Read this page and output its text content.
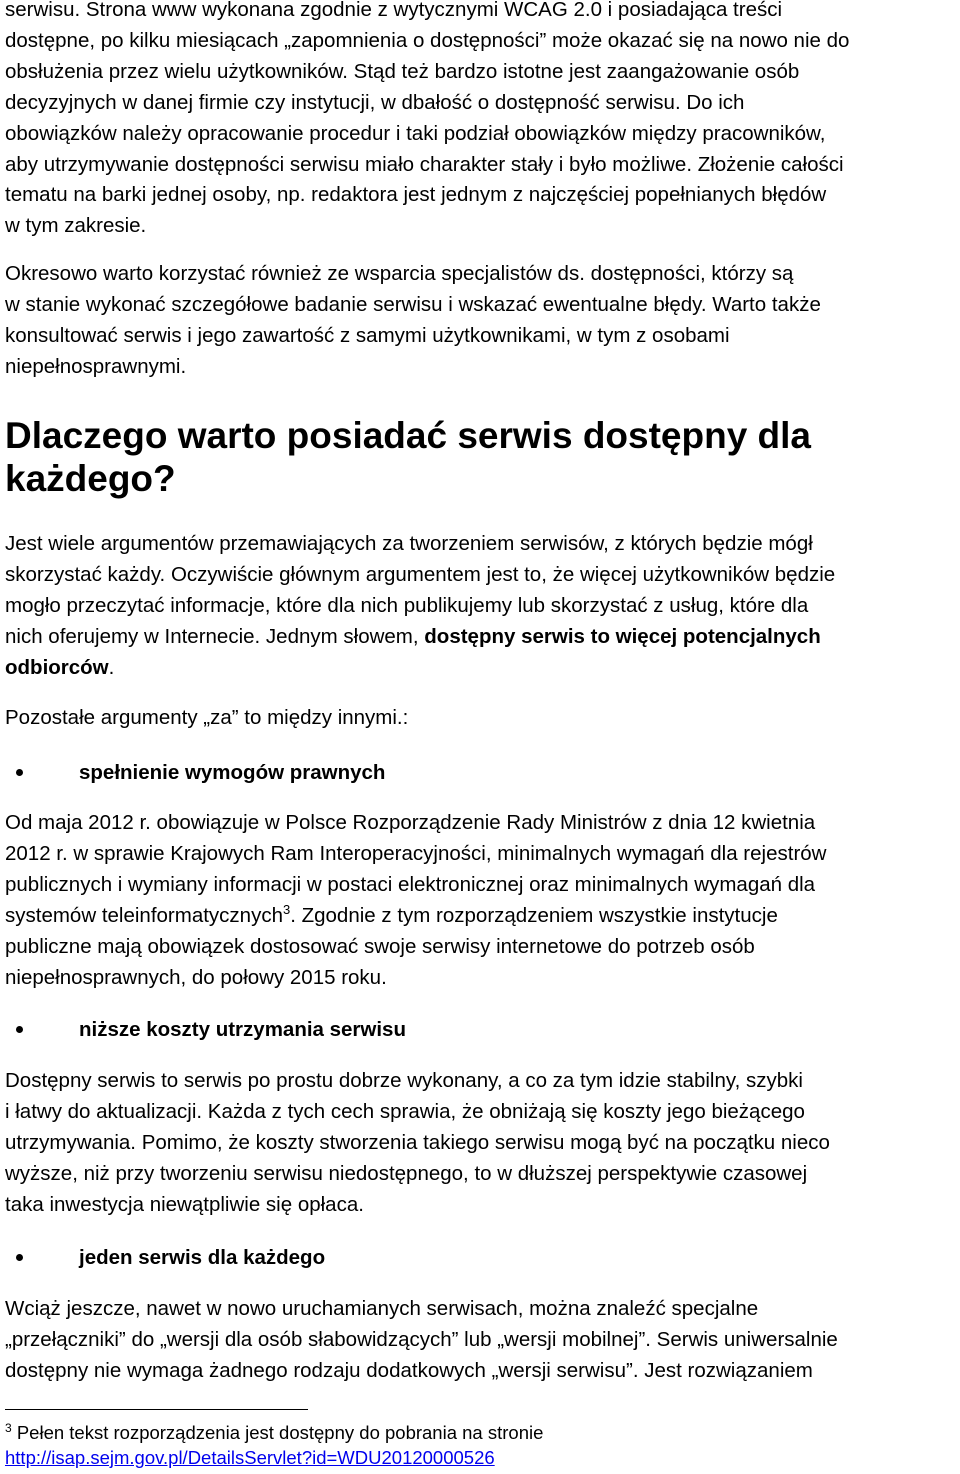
serwisu. Strona www wykonana zgodnie z wytycznymi WCAG 2.0 i posiadająca treści
dostępne, po kilku miesiącach „zapomnienia o dostępności” może okazać się na nowo nie do
obsłużenia przez wielu użytkowników. Stąd też bardzo istotne jest zaangażowanie osób
decyzyjnych w danej firmie czy instytucji, w dbałość o dostępność serwisu. Do ich
obowiązków należy opracowanie procedur i taki podział obowiązków między pracowników,
aby utrzymywanie dostępności serwisu miało charakter stały i było możliwe. Złożenie całości
tematu na barki jednej osoby, np. redaktora jest jednym z najczęściej popełnianych błędów
w tym zakresie.
Okresowo warto korzystać również ze wsparcia specjalistów ds. dostępności, którzy są
w stanie wykonać szczegółowe badanie serwisu i wskazać ewentualne błędy. Warto także
konsultować serwis i jego zawartość z samymi użytkownikami, w tym z osobami
niepełnosprawnymi.
Dlaczego warto posiadać serwis dostępny dla
każdego?
Jest wiele argumentów przemawiających za tworzeniem serwisów, z których będzie mógł
skorzystać każdy. Oczywiście głównym argumentem jest to, że więcej użytkowników będzie
mogło przeczytać informacje, które dla nich publikujemy lub skorzystać z usług, które dla
nich oferujemy w Internecie. Jednym słowem, dostępny serwis to więcej potencjalnych
odbiorców.
Pozostałe argumenty „za” to między innymi.:
spełnienie wymogów prawnych
Od maja 2012 r. obowiązuje w Polsce Rozporządzenie Rady Ministrów z dnia 12 kwietnia
2012 r. w sprawie Krajowych Ram Interoperacyjności, minimalnych wymagań dla rejestrów
publicznych i wymiany informacji w postaci elektronicznej oraz minimalnych wymagań dla
systemów teleinformatycznych$^3$. Zgodnie z tym rozporządzeniem wszystkie instytucje
publiczne mają obowiązek dostosować swoje serwisy internetowe do potrzeb osób
niepełnosprawnych, do połowy 2015 roku.
niższe koszty utrzymania serwisu
Dostępny serwis to serwis po prostu dobrze wykonany, a co za tym idzie stabilny, szybki
i łatwy do aktualizacji. Każda z tych cech sprawia, że obniżają się koszty jego bieżącego
utrzymywania. Pomimo, że koszty stworzenia takiego serwisu mogą być na początku nieco
wyższe, niż przy tworzeniu serwisu niedostępnego, to w dłuższej perspektywie czasowej
taka inwestycja niewątpliwie się opłaca.
jeden serwis dla każdego
Wciąż jeszcze, nawet w nowo uruchamianych serwisach, można znaleźć specjalne
„przełączniki” do „wersji dla osób słabowidzących” lub „wersji mobilnej”. Serwis uniwersalnie
dostępny nie wymaga żadnego rodzaju dodatkowych „wersji serwisu”. Jest rozwiązaniem
$^3$ Pełen tekst rozporządzenia jest dostępny do pobrania na stronie
http://isap.sejm.gov.pl/DetailsServlet?id=WDU20120000526
